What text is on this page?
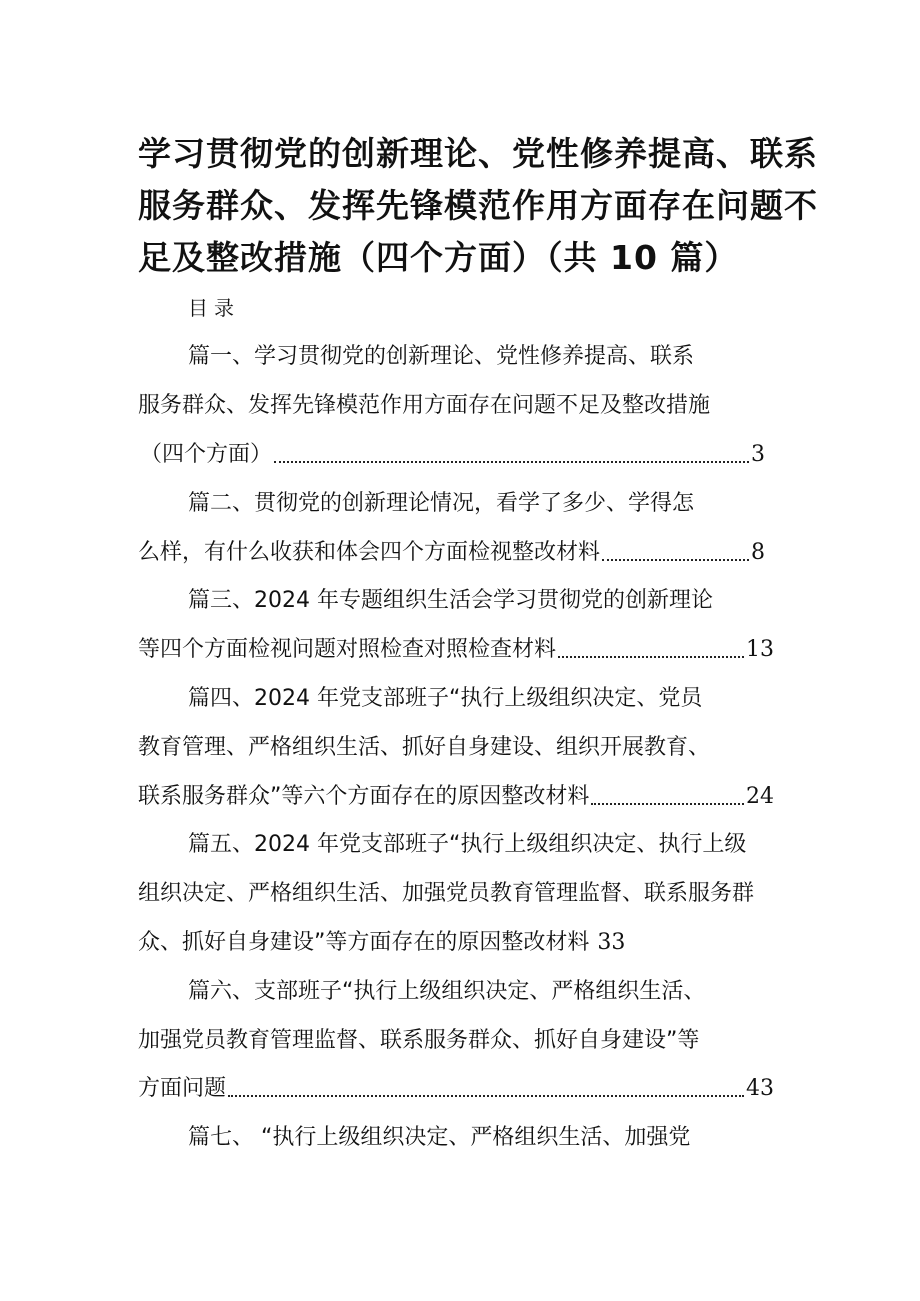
学习贯彻党的创新理论、党性修养提高、联系
服务群众、发挥先锋模范作用方面存在问题不
足及整改措施（四个方面）（共 10 篇）
目录
篇一、学习贯彻党的创新理论、党性修养提高、联系
服务群众、发挥先锋模范作用方面存在问题不足及整改措施
（四个方面）	3
篇二、贯彻党的创新理论情况，看学了多少、学得怎
么样，有什么收获和体会四个方面检视整改材料	8
篇三、2024 年专题组织生活会学习贯彻党的创新理论
等四个方面检视问题对照检查对照检查材料	13
篇四、2024 年党支部班子“执行上级组织决定、党员
教育管理、严格组织生活、抓好自身建设、组织开展教育、
联系服务群众”等六个方面存在的原因整改材料	24
篇五、2024 年党支部班子“执行上级组织决定、执行上级
组织决定、严格组织生活、加强党员教育管理监督、联系服务群
众、抓好自身建设”等方面存在的原因整改材料 33
篇六、支部班子“执行上级组织决定、严格组织生活、
加强党员教育管理监督、联系服务群众、抓好自身建设”等
方面问题	43
篇七、 “执行上级组织决定、严格组织生活、加强党
